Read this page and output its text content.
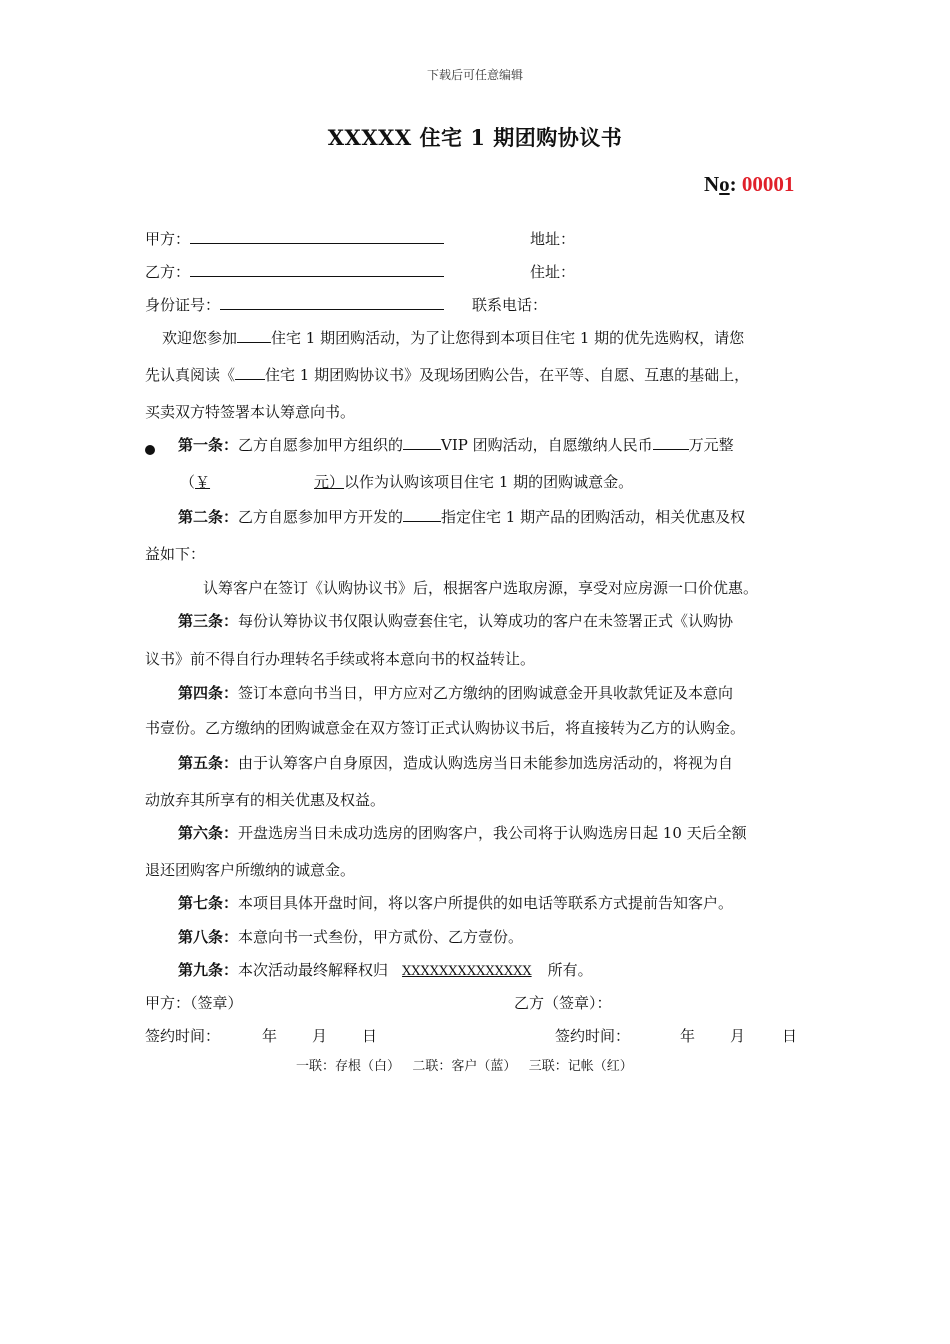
下载后可任意编辑
XXXXX 住宅 1 期团购协议书
No: 00001
甲方：	地址：
乙方：	住址：
身份证号：	联系电话：
欢迎您参加 住宅 1 期团购活动，为了让您得到本项目住宅 1 期的优先选购权，请您
先认真阅读《 住宅 1 期团购协议书》及现场团购公告，在平等、自愿、互惠的基础上，
买卖双方特签署本认筹意向书。
第一条：乙方自愿参加甲方组织的	VIP 团购活动，自愿缴纳人民币 万元整
（￥	元）以作为认购该项目住宅 1 期的团购诚意金。
第二条：乙方自愿参加甲方开发的	指定住宅 1 期产品的团购活动，相关优惠及权
益如下：
认筹客户在签订《认购协议书》后，根据客户选取房源，享受对应房源一口价优惠。
第三条：每份认筹协议书仅限认购壹套住宅，认筹成功的客户在未签署正式《认购协
议书》前不得自行办理转名手续或将本意向书的权益转让。
第四条：签订本意向书当日，甲方应对乙方缴纳的团购诚意金开具收款凭证及本意向
书壹份。乙方缴纳的团购诚意金在双方签订正式认购协议书后，将直接转为乙方的认购金。
第五条：由于认筹客户自身原因，造成认购选房当日未能参加选房活动的，将视为自
动放弃其所享有的相关优惠及权益。
第六条：开盘选房当日未成功选房的团购客户，我公司将于认购选房日起 10 天后全额
退还团购客户所缴纳的诚意金。
第七条：本项目具体开盘时间，将以客户所提供的如电话等联系方式提前告知客户。
第八条：本意向书一式叁份，甲方贰份、乙方壹份。
第九条：本次活动最终解释权归 XXXXXXXXXXXXXX 所有。
甲方：（签章）	乙方（签章）：
签约时间：	年 月 日	签约时间：	年 月 日
一联：存根（白）   二联：客户（蓝）   三联：记帐（红）
